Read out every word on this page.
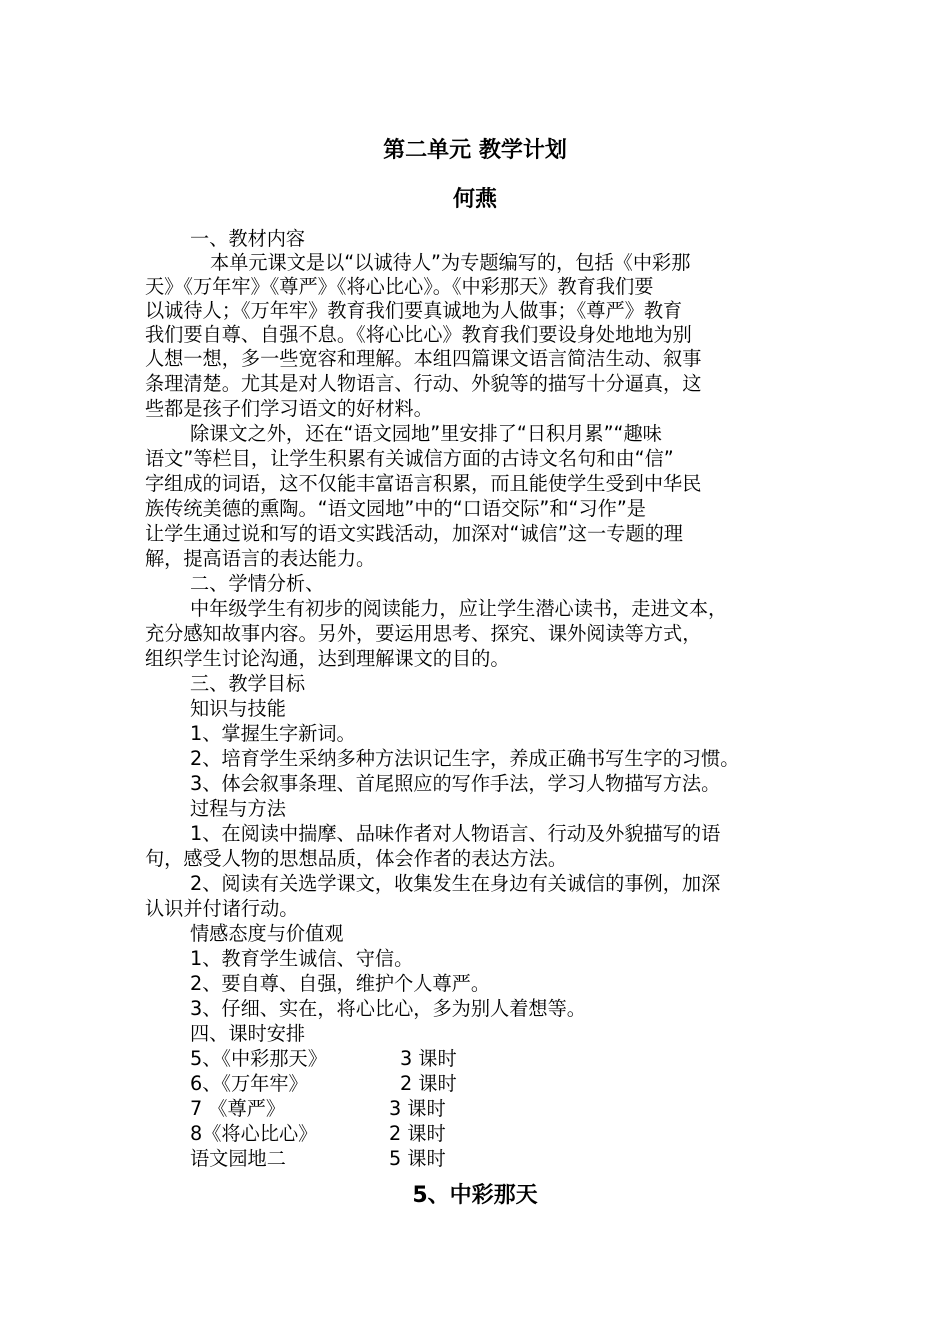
第二单元 教学计划
何燕
一、教材内容
本单元课文是以“以诚待人”为专题编写的，包括《中彩那
天》《万年牢》《尊严》《将心比心》。《中彩那天》教育我们要
以诚待人；《万年牢》教育我们要真诚地为人做事；《尊严》教育
我们要自尊、自强不息。《将心比心》教育我们要设身处地地为别
人想一想，多一些宽容和理解。本组四篇课文语言简洁生动、叙事
条理清楚。尤其是对人物语言、行动、外貌等的描写十分逼真，这
些都是孩子们学习语文的好材料。
除课文之外，还在“语文园地”里安排了“日积月累”“趣味
语文”等栏目，让学生积累有关诚信方面的古诗文名句和由“信”
字组成的词语，这不仅能丰富语言积累，而且能使学生受到中华民
族传统美德的熏陶。“语文园地”中的“口语交际”和“习作”是
让学生通过说和写的语文实践活动，加深对“诚信”这一专题的理
解，提高语言的表达能力。
二、学情分析、
中年级学生有初步的阅读能力，应让学生潜心读书，走进文本，
充分感知故事内容。另外，要运用思考、探究、课外阅读等方式，
组织学生讨论沟通，达到理解课文的目的。
三、教学目标
知识与技能
1、掌握生字新词。
2、培育学生采纳多种方法识记生字，养成正确书写生字的习惯。
3、体会叙事条理、首尾照应的写作手法，学习人物描写方法。
过程与方法
1、在阅读中揣摩、品味作者对人物语言、行动及外貌描写的语
句，感受人物的思想品质，体会作者的表达方法。
2、阅读有关选学课文，收集发生在身边有关诚信的事例，加深
认识并付诸行动。
情感态度与价值观
1、教育学生诚信、守信。
2、要自尊、自强，维护个人尊严。
3、仔细、实在，将心比心，多为别人着想等。
四、课时安排
5、《中彩那天》	3 课时
6、《万年牢》	2 课时
7 《尊严》	3 课时
8《将心比心》	2 课时
语文园地二	5 课时
5、中彩那天
